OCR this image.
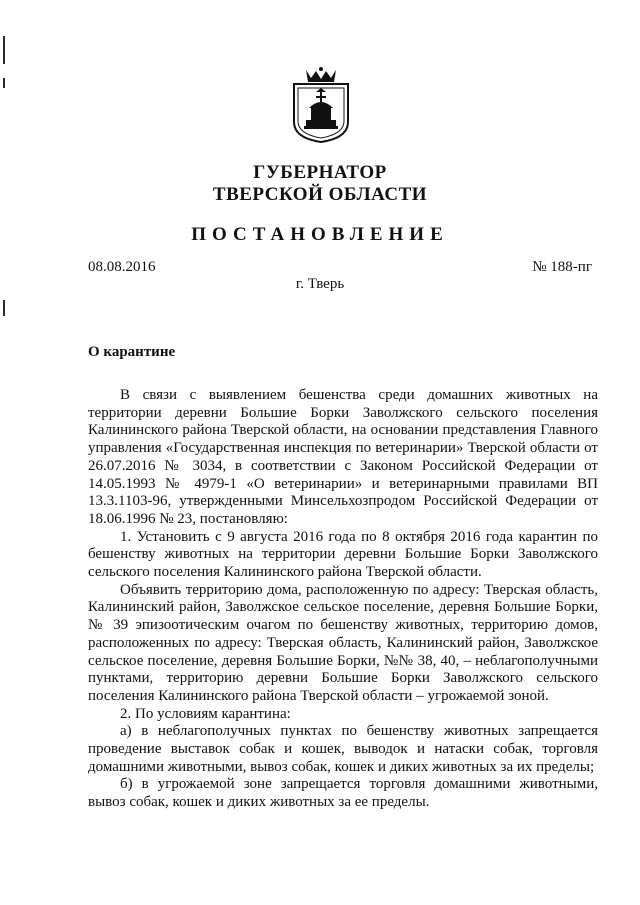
ГУБЕРНАТОР
ТВЕРСКОЙ ОБЛАСТИ
ПОСТАНОВЛЕНИЕ
08.08.2016	№ 188-пг
г. Тверь
О карантине

В связи с выявлением бешенства среди домашних животных на территории деревни Большие Борки Заволжского сельского поселения Калининского района Тверской области, на основании представления Главного управления «Государственная инспекция по ветеринарии» Тверской области от 26.07.2016 № 3034, в соответствии с Законом Российской Федерации от 14.05.1993 № 4979-1 «О ветеринарии» и ветеринарными правилами ВП 13.3.1103-96, утвержденными Минсельхозпродом Российской Федерации от 18.06.1996 № 23, постановляю:

1. Установить с 9 августа 2016 года по 8 октября 2016 года карантин по бешенству животных на территории деревни Большие Борки Заволжского сельского поселения Калининского района Тверской области.

Объявить территорию дома, расположенную по адресу: Тверская область, Калининский район, Заволжское сельское поселение, деревня Большие Борки, № 39 эпизоотическим очагом по бешенству животных, территорию домов, расположенных по адресу: Тверская область, Калининский район, Заволжское сельское поселение, деревня Большие Борки, №№ 38, 40, – неблагополучными пунктами, территорию деревни Большие Борки Заволжского сельского поселения Калининского района Тверской области – угрожаемой зоной.

2. По условиям карантина:

а) в неблагополучных пунктах по бешенству животных запрещается проведение выставок собак и кошек, выводок и натаски собак, торговля домашними животными, вывоз собак, кошек и диких животных за их пределы;

б) в угрожаемой зоне запрещается торговля домашними животными, вывоз собак, кошек и диких животных за ее пределы.
